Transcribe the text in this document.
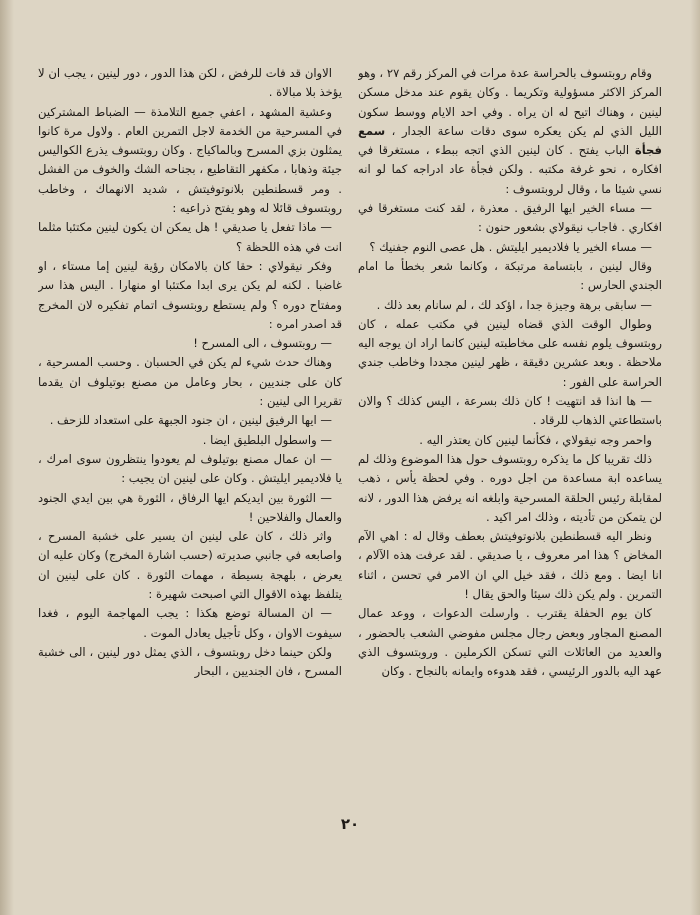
وقام روبتسوف بالحراسة عدة مرات في المركز رقم ٢٧ ، وهو المركز الاكثر مسؤولية وتكريما . وكان يقوم عند مدخل مسكن لينين ، وهناك اتيح له ان يراه . وفي احد الايام ووسط سكون الليل الذي لم يكن يعكره سوى دقات ساعة الجدار ، سمع فجأة الباب يفتح . كان لينين الذي اتجه ببطء ، مستغرقا في افكاره ، نحو غرفة مكتبه . ولكن فجأة عاد ادراجه كما لو انه نسي شيئا ما ، وقال لروبتسوف :

— مساء الخير ايها الرفيق . معذرة ، لقد كنت مستغرقا في افكاري . فاجاب نيقولاي بشعور حنون :

— مساء الخير يا فلاديمير ايليتش . هل عصى النوم جفنيك ؟

وقال لينين ، بابتسامة مرتبكة ، وكانما شعر بخطأ ما امام الجندي الحارس :

— سابقى برهة وجيزة جدا ، اؤكد لك ، لم سانام بعد ذلك .

وطوال الوقت الذي قضاه لينين في مكتب عمله ، كان روبتسوف يلوم نفسه على مخاطبته لينين كانما اراد ان يوجه اليه ملاحظة . وبعد عشرين دقيقة ، ظهر لينين مجددا وخاطب جندي الحراسة على الفور :

— ها انذا قد انتهيت ! كان ذلك بسرعة ، اليس كذلك ؟ والان باستطاعتي الذهاب للرقاد .

واحمر وجه نيقولاي ، فكأنما لينين كان يعتذر اليه .

ذلك تقريبا كل ما يذكره روبتسوف حول هذا الموضوع وذلك لم يساعده ابة مساعدة من اجل دوره . وفي لحظة يأس ، ذهب لمقابلة رئيس الحلقة المسرحية وابلغه انه يرفض هذا الدور ، لانه لن يتمكن من تأديته ، وذلك امر اكيد .

ونظر اليه قسطنطين بلانوتوفيتش بعطف وقال له : اهي الآم المخاض ؟ هذا امر معروف ، يا صديقي . لقد عرفت هذه الآلام ، انا ايضا . ومع ذلك ، فقد خيل الي ان الامر في تحسن ، اثناء التمرين . ولم يكن ذلك سيئا والحق يقال !

كان يوم الحفلة يقترب . وارسلت الدعوات ، ووعد عمال المصنع المجاور وبعض رجال مجلس مفوضي الشعب بالحضور ، والعديد من العائلات التي تسكن الكرملين . وروبتسوف الذي عهد اليه بالدور الرئيسي ، فقد هدوءه وايمانه بالنجاح . وكان

الاوان قد فات للرفض ، لكن هذا الدور ، دور لينين ، يجب ان لا يؤخذ بلا مبالاة .

وعشية المشهد ، اعفي جميع التلامذة — الضباط المشتركين في المسرحية من الخدمة لاجل التمرين العام . ولاول مرة كانوا يمثلون بزي المسرح وبالماكياج . وكان روبتسوف يذرع الكواليس جيئة وذهابا ، مكفهر التقاطيع ، بجناحه الشك والخوف من الفشل . ومر قسطنطين بلانوتوفيتش ، شديد الانهماك ، وخاطب روبتسوف قائلا له وهو يفتح ذراعيه :

— ماذا تفعل يا صديقي ! هل يمكن ان يكون لينين مكتئبا مثلما انت في هذه اللحظة ؟

وفكر نيقولاي : حقا كان بالامكان رؤية لينين إما مستاء ، او غاضبا . لكنه لم يكن يرى ابدا مكتئبا او منهارا . اليس هذا سر ومفتاح دوره ؟ ولم يستطع روبتسوف اتمام تفكيره لان المخرج قد اصدر امره :

— روبتسوف ، الى المسرح !

وهناك حدث شيء لم يكن في الحسبان . وحسب المسرحية ، كان على جنديين ، بحار وعامل من مصنع بوتيلوف ان يقدما تقريرا الى لينين :

— ايها الرفيق لينين ، ان جنود الجبهة على استعداد للزحف .

— واسطول البلطيق ايضا .

— ان عمال مصنع بوتيلوف لم يعودوا ينتظرون سوى امرك ، يا فلاديمير ايليتش . وكان على لينين ان يجيب :

— الثورة بين ايديكم ايها الرفاق ، الثورة هي بين ايدي الجنود والعمال والفلاحين !

واثر ذلك ، كان على لينين ان يسير على خشبة المسرح ، واصابعه في جانبي صديرته (حسب اشارة المخرج) وكان عليه ان يعرض ، بلهجة بسيطة ، مهمات الثورة . كان على لينين ان يتلفظ بهذه الاقوال التي اصبحت شهيرة :

— ان المسالة توضع هكذا : يجب المهاجمة اليوم ، فغدا سيفوت الاوان ، وكل تأجيل يعادل الموت .

ولكن حينما دخل روبتسوف ، الذي يمثل دور لينين ، الى خشبة المسرح ، فان الجنديين ، البحار

٢٠
